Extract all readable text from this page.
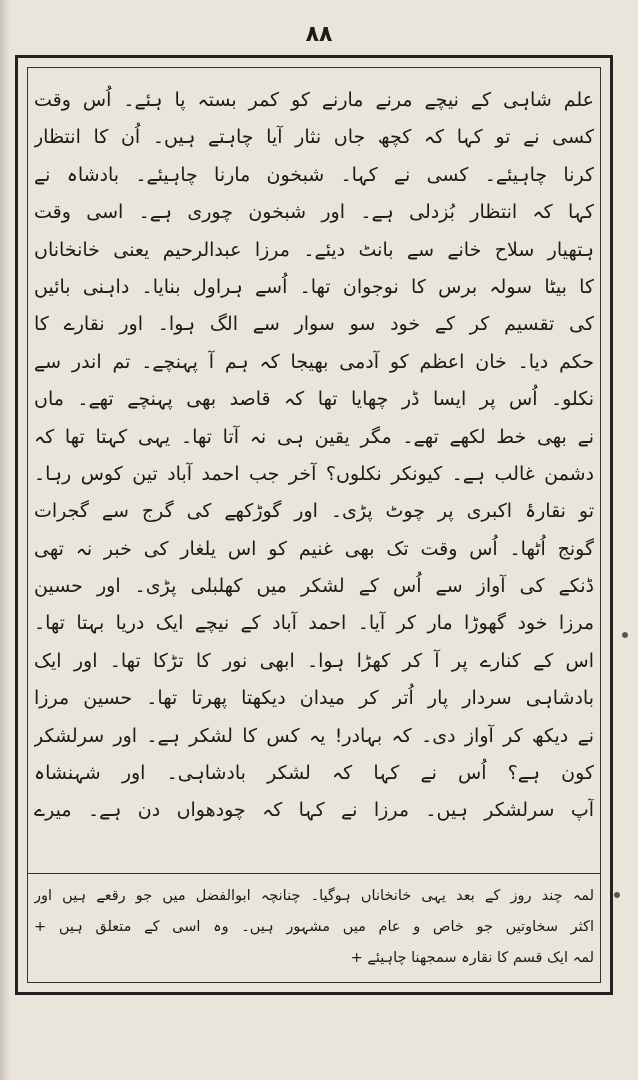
۸۸
علم شاہی کے نیچے مرنے مارنے کو کمر بستہ پا ہئے۔ اُس وقت
کسی نے تو کہا کہ کچھ جاں نثار آیا چاہتے ہیں۔ اُن کا انتظار
کرنا چاہیئے۔ کسی نے کہا۔ شبخون مارنا چاہیئے۔ بادشاہ نے
کہا کہ انتظار بُزدلی ہے۔ اور شبخون چوری ہے۔ اسی وقت
ہتھیار سلاح خانے سے بانٹ دیئے۔ مرزا عبدالرحیم یعنی خانخاناں
کا بیٹا سولہ برس کا نوجوان تھا۔ اُسے ہراول بنایا۔ داہنی بائیں
کی تقسیم کر کے خود سو سوار سے الگ ہوا۔ اور نقارے کا
حکم دیا۔ خان اعظم کو آدمی بھیجا کہ ہم آ پہنچے۔ تم اندر سے
نکلو۔ اُس پر ایسا ڈر چھایا تھا کہ قاصد بھی پہنچے تھے۔ ماں
نے بھی خط لکھے تھے۔ مگر یقین ہی نہ آتا تھا۔ یہی کہتا تھا کہ
دشمن غالب ہے۔ کیونکر نکلوں؟ آخر جب احمد آباد تین کوس رہا۔
تو نقارۂ اکبری پر چوٹ پڑی۔ اور گوڑکھے کی گرج سے گجرات
گونج اُٹھا۔ اُس وقت تک بھی غنیم کو اس یلغار کی خبر نہ تھی
ڈنکے کی آواز سے اُس کے لشکر میں کھلبلی پڑی۔ اور حسین
مرزا خود گھوڑا مار کر آیا۔ احمد آباد کے نیچے ایک دریا بہتا تھا۔
اس کے کنارے پر آ کر کھڑا ہوا۔ ابھی نور کا تڑکا تھا۔ اور ایک
بادشاہی سردار پار اُتر کر میدان دیکھتا پھرتا تھا۔ حسین مرزا
نے دیکھ کر آواز دی۔ کہ بہادر! یہ کس کا لشکر ہے۔ اور سرلشکر
کون ہے؟ اُس نے کہا کہ لشکر بادشاہی۔ اور شہنشاہ
آپ سرلشکر ہیں۔ مرزا نے کہا کہ چودھواں دن ہے۔ میرے
لمہ چند روز کے بعد یہی خانخاناں ہوگیا۔ چنانچہ ابوالفضل میں جو رقعے ہیں اور
اکثر سخاوتیں جو خاص و عام میں مشہور ہیں۔ وہ اسی کے متعلق ہیں +
لمہ ایک قسم کا نقارہ سمجھنا چاہیئے +
